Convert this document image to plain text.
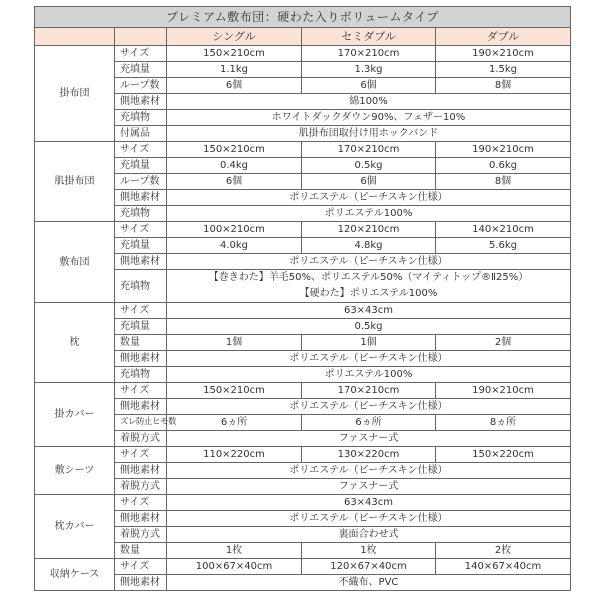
プレミアム敷布団：硬わた入りボリュームタイプ				
		シングル	セミダブル	ダブル
掛布団	サイズ	150×210cm	170×210cm	190×210cm
	充填量	1.1kg	1.3kg	1.5kg
	ループ数	6個	6個	8個
	側地素材	綿100%		
	充填物	ホワイトダックダウン90%、フェザー10%		
	付属品	肌掛布団取付け用ホックバンド		
肌掛布団	サイズ	150×210cm	170×210cm	190×210cm
	充填量	0.4kg	0.5kg	0.6kg
	ループ数	6個	6個	8個
	側地素材	ポリエステル（ピーチスキン仕様）		
	充填物	ポリエステル100%		
敷布団	サイズ	100×210cm	120×210cm	140×210cm
	充填量	4.0kg	4.8kg	5.6kg
	側地素材	ポリエステル（ピーチスキン仕様）		
	充填物	【巻きわた】羊毛50%、ポリエステル50%（マイティトップ®Ⅱ25%）
【硬わた】ポリエステル100%		

枕	サイズ	63×43cm		
	充填量	0.5kg		
	数量	1個	1個	2個
	側地素材	ポリエステル（ピーチスキン仕様）		
	充填物	ポリエステル100%		
掛カバー	サイズ	150×210cm	170×210cm	190×210cm
	側地素材	ポリエステル（ピーチスキン仕様）		
	ズレ防止ヒモ数	6ヵ所	6ヵ所	8ヵ所
	着脱方式	ファスナー式		
敷シーツ	サイズ	110×220cm	130×220cm	150×220cm
	側地素材	ポリエステル（ピーチスキン仕様）		
	着脱方式	ファスナー式		
枕カバー	サイズ	63×43cm		
	側地素材	ポリエステル（ピーチスキン仕様）		
	着脱方式	裏面合わせ式		
	数量	1枚	1枚	2枚
収納ケース	サイズ	100×67×40cm	120×67×40cm	140×67×40cm
	側地素材	不織布、PVC		
